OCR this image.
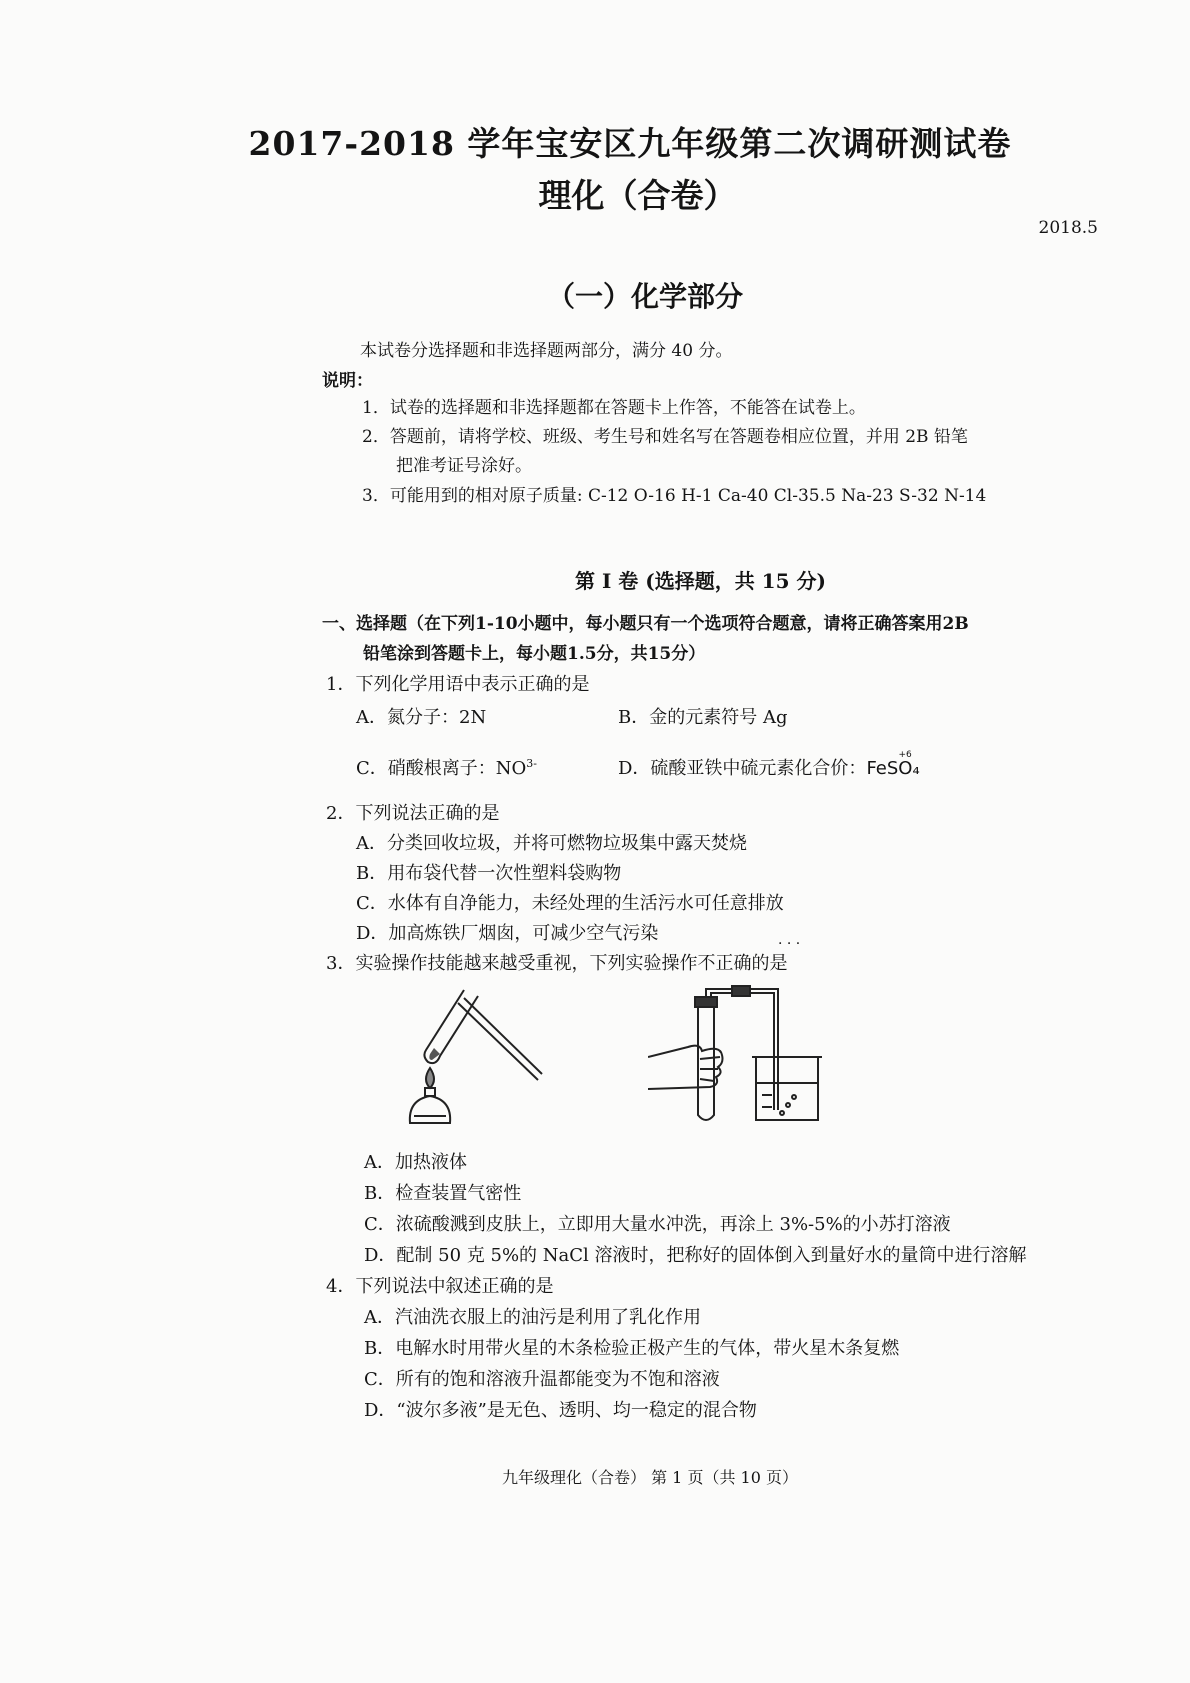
2017-2018 学年宝安区九年级第二次调研测试卷
理化（合卷）
2018.5
（一）化学部分
本试卷分选择题和非选择题两部分，满分 40 分。
说明：
1．试卷的选择题和非选择题都在答题卡上作答，不能答在试卷上。
2．答题前，请将学校、班级、考生号和姓名写在答题卷相应位置，并用 2B 铅笔
把准考证号涂好。
3．可能用到的相对原子质量: C-12 O-16 H-1 Ca-40 Cl-35.5 Na-23 S-32 N-14
第 I 卷 (选择题，共 15 分)
一、选择题（在下列1-10小题中，每小题只有一个选项符合题意，请将正确答案用2B
铅笔涂到答题卡上，每小题1.5分，共15分）
1．下列化学用语中表示正确的是
A．氮分子：2N	B．金的元素符号 Ag
C．硝酸根离子：$NO^{3-}$	D．硫酸亚铁中硫元素化合价：
+6
FeSO₄
2．下列说法正确的是
A．分类回收垃圾，并将可燃物垃圾集中露天焚烧
B．用布袋代替一次性塑料袋购物
C．水体有自净能力，未经处理的生活污水可任意排放
D．加高炼铁厂烟囱，可减少空气污染
3．实验操作技能越来越受重视，下列实验操作不正确的是
· · ·
A．加热液体
B．检查装置气密性
C．浓硫酸溅到皮肤上，立即用大量水冲洗，再涂上 3%-5%的小苏打溶液
D．配制 50 克 5%的 NaCl 溶液时，把称好的固体倒入到量好水的量筒中进行溶解
4．下列说法中叙述正确的是
A．汽油洗衣服上的油污是利用了乳化作用
B．电解水时用带火星的木条检验正极产生的气体，带火星木条复燃
C．所有的饱和溶液升温都能变为不饱和溶液
D．“波尔多液”是无色、透明、均一稳定的混合物
九年级理化（合卷） 第 1 页（共 10 页）
